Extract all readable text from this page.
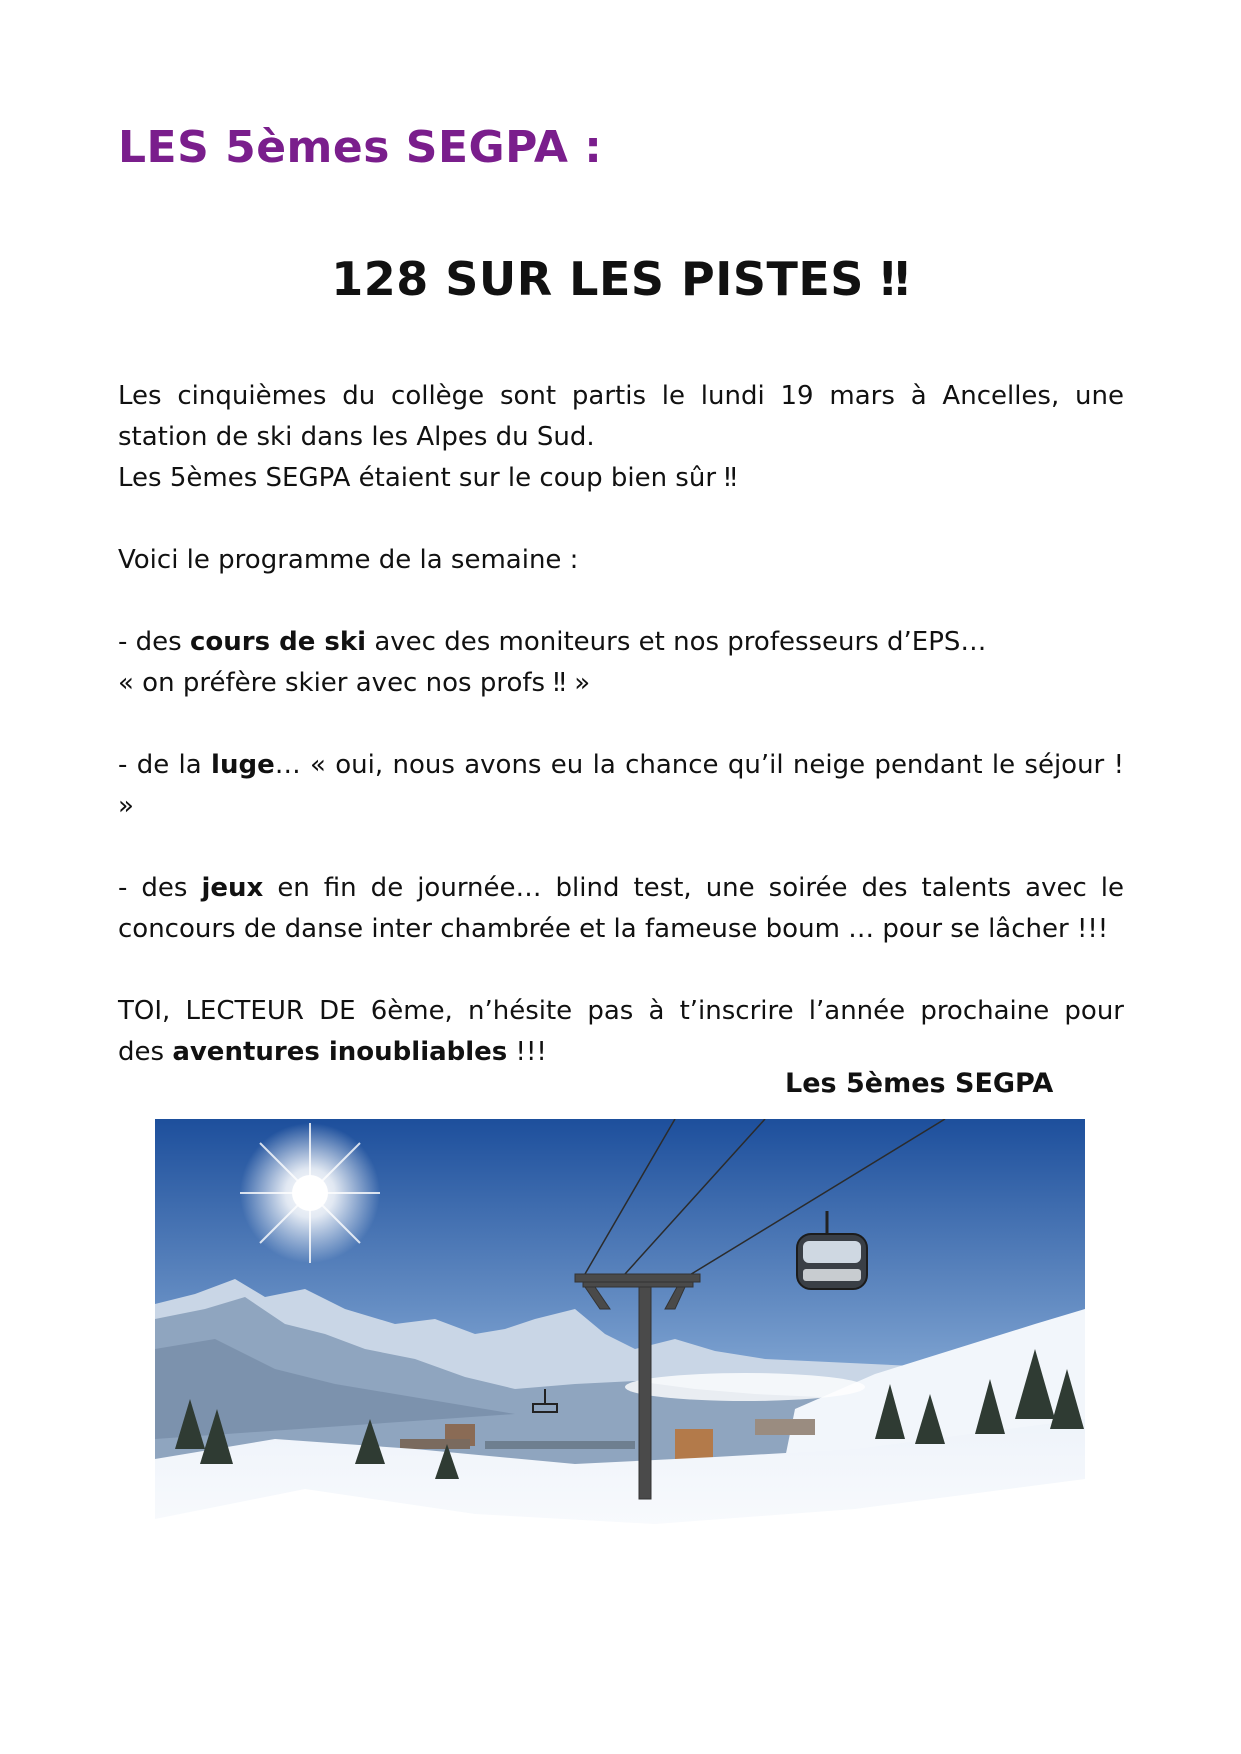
LES 5èmes SEGPA :
128 SUR LES PISTES ‼

Les cinquièmes du collège sont partis le lundi 19 mars à Ancelles, une
station de ski dans les Alpes du Sud.
Les 5èmes SEGPA étaient sur le coup bien sûr ‼

Voici le programme de la semaine :

- des cours de ski avec des moniteurs et nos professeurs d’EPS…
« on préfère skier avec nos profs ‼ »

- de la luge… « oui, nous avons eu la chance qu’il neige pendant le séjour ! »

- des jeux en fin de journée… blind test, une soirée des talents avec le
concours de danse inter chambrée et la fameuse boum … pour se lâcher !!!

TOI, LECTEUR DE 6ème, n’hésite pas à t’inscrire l’année prochaine pour
des aventures inoubliables !!!

Les 5èmes SEGPA
